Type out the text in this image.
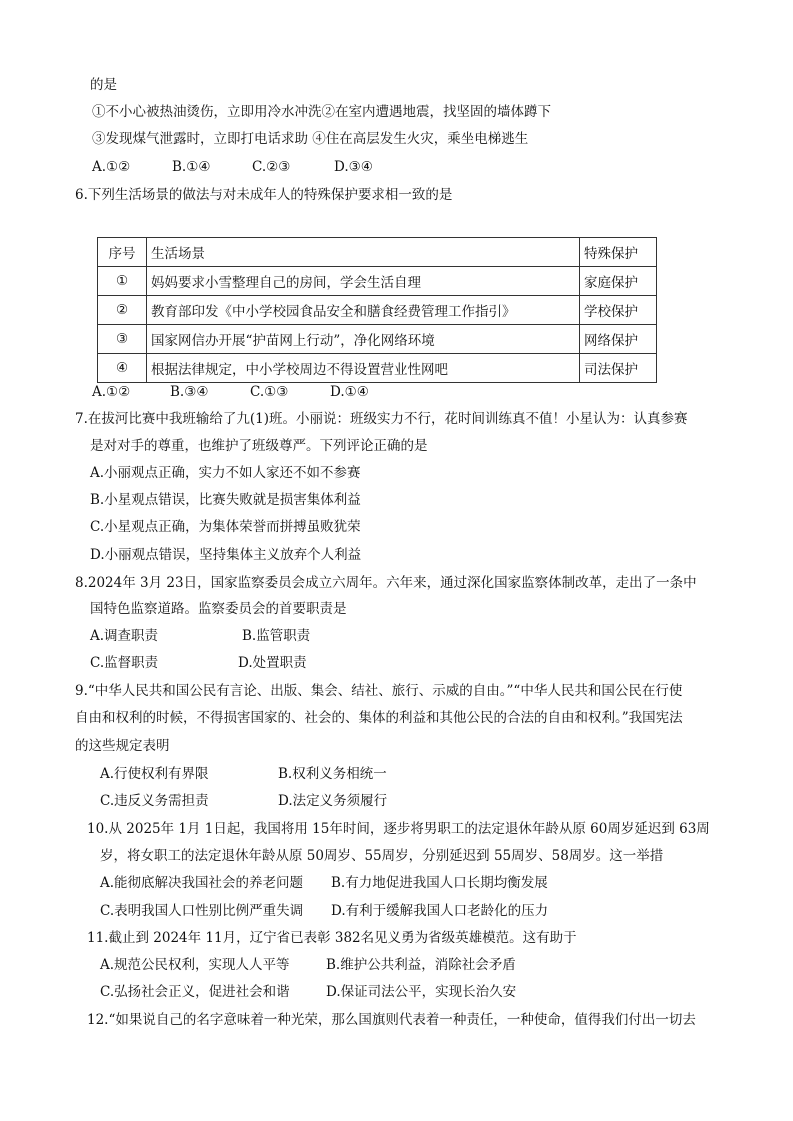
的是
①不小心被热油烫伤，立即用冷水冲洗②在室内遭遇地震，找坚固的墙体蹲下
③发现煤气泄露时，立即打电话求助 ④住在高层发生火灾，乘坐电梯逃生
A.①②	B.①④	C.②③	D.③④
6.下列生活场景的做法与对未成年人的特殊保护要求相一致的是
序号	生活场景	特殊保护
①	妈妈要求小雪整理自己的房间，学会生活自理	家庭保护
②	教育部印发《中小学校园食品安全和膳食经费管理工作指引》	学校保护
③	国家网信办开展“护苗网上行动”，净化网络环境	网络保护
④	根据法律规定，中小学校周边不得设置营业性网吧	司法保护
A.①②	B.③④	C.①③	D.①④
7.在拔河比赛中我班输给了九(1)班。小丽说：班级实力不行，花时间训练真不值！小星认为：认真参赛
是对对手的尊重，也维护了班级尊严。下列评论正确的是
A.小丽观点正确，实力不如人家还不如不参赛
B.小星观点错误，比赛失败就是损害集体利益
C.小星观点正确，为集体荣誉而拼搏虽败犹荣
D.小丽观点错误，坚持集体主义放弃个人利益
8.2024年 3月 23日，国家监察委员会成立六周年。六年来，通过深化国家监察体制改革，走出了一条中
国特色监察道路。监察委员会的首要职责是
A.调查职责	B.监管职责
C.监督职责	D.处置职责
9.“中华人民共和国公民有言论、出版、集会、结社、旅行、示威的自由。”“中华人民共和国公民在行使
自由和权利的时候，不得损害国家的、社会的、集体的利益和其他公民的合法的自由和权利。”我国宪法
的这些规定表明
A.行使权利有界限	B.权利义务相统一
C.违反义务需担责	D.法定义务须履行
10.从 2025年 1月 1日起，我国将用 15年时间，逐步将男职工的法定退休年龄从原 60周岁延迟到 63周
岁，将女职工的法定退休年龄从原 50周岁、55周岁，分别延迟到 55周岁、58周岁。这一举措
A.能彻底解决我国社会的养老问题 B.有力地促进我国人口长期均衡发展
C.表明我国人口性别比例严重失调 D.有利于缓解我国人口老龄化的压力
11.截止到 2024年 11月，辽宁省已表彰 382名见义勇为省级英雄模范。这有助于
A.规范公民权利，实现人人平等	B.维护公共利益，消除社会矛盾
C.弘扬社会正义，促进社会和谐	D.保证司法公平，实现长治久安
12.“如果说自己的名字意味着一种光荣，那么国旗则代表着一种责任，一种使命，值得我们付出一切去
